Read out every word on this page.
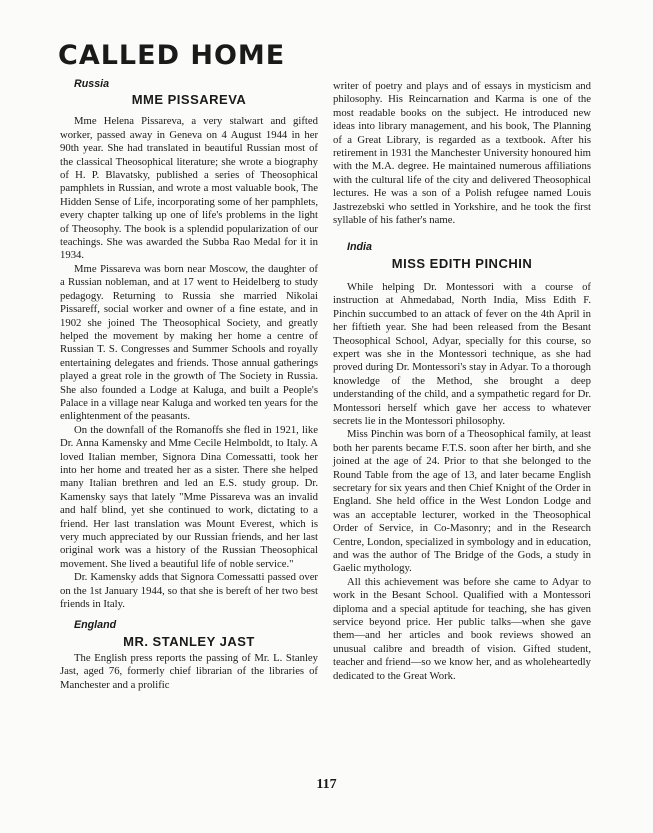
CALLED HOME

Russia

MME PISSAREVA

Mme Helena Pissareva, a very stalwart and gifted worker, passed away in Geneva on 4 August 1944 in her 90th year. She had translated in beautiful Russian most of the classical Theosophical literature; she wrote a biography of H. P. Blavatsky, published a series of Theosophical pamphlets in Russian, and wrote a most valuable book, The Hidden Sense of Life, incorporating some of her pamphlets, every chapter talking up one of life's problems in the light of Theosophy. The book is a splendid popularization of our teachings. She was awarded the Subba Rao Medal for it in 1934.

Mme Pissareva was born near Moscow, the daughter of a Russian nobleman, and at 17 went to Heidelberg to study pedagogy. Returning to Russia she married Nikolai Pissareff, social worker and owner of a fine estate, and in 1902 she joined The Theosophical Society, and greatly helped the movement by making her home a centre of Russian T. S. Congresses and Summer Schools and royally entertaining delegates and friends. Those annual gatherings played a great role in the growth of The Society in Russia. She also founded a Lodge at Kaluga, and built a People's Palace in a village near Kaluga and worked ten years for the enlightenment of the peasants.

On the downfall of the Romanoffs she fled in 1921, like Dr. Anna Kamensky and Mme Cecile Helmboldt, to Italy. A loved Italian member, Signora Dina Comessatti, took her into her home and treated her as a sister. There she helped many Italian brethren and led an E.S. study group. Dr. Kamensky says that lately "Mme Pissareva was an invalid and half blind, yet she continued to work, dictating to a friend. Her last translation was Mount Everest, which is very much appreciated by our Russian friends, and her last original work was a history of the Russian Theosophical movement. She lived a beautiful life of noble service."

Dr. Kamensky adds that Signora Comessatti passed over on the 1st January 1944, so that she is bereft of her two best friends in Italy.

England

MR. STANLEY JAST

The English press reports the passing of Mr. L. Stanley Jast, aged 76, formerly chief librarian of the libraries of Manchester and a prolific

writer of poetry and plays and of essays in mysticism and philosophy. His Reincarnation and Karma is one of the most readable books on the subject. He introduced new ideas into library management, and his book, The Planning of a Great Library, is regarded as a textbook. After his retirement in 1931 the Manchester University honoured him with the M.A. degree. He maintained numerous affiliations with the cultural life of the city and delivered Theosophical lectures. He was a son of a Polish refugee named Louis Jastrezebski who settled in Yorkshire, and he took the first syllable of his father's name.

India

MISS EDITH PINCHIN

While helping Dr. Montessori with a course of instruction at Ahmedabad, North India, Miss Edith F. Pinchin succumbed to an attack of fever on the 4th April in her fiftieth year. She had been released from the Besant Theosophical School, Adyar, specially for this course, so expert was she in the Montessori technique, as she had proved during Dr. Montessori's stay in Adyar. To a thorough knowledge of the Method, she brought a deep understanding of the child, and a sympathetic regard for Dr. Montessori herself which gave her access to whatever secrets lie in the Montessori philosophy.

Miss Pinchin was born of a Theosophical family, at least both her parents became F.T.S. soon after her birth, and she joined at the age of 24. Prior to that she belonged to the Round Table from the age of 13, and later became English secretary for six years and then Chief Knight of the Order in England. She held office in the West London Lodge and was an acceptable lecturer, worked in the Theosophical Order of Service, in Co-Masonry; and in the Research Centre, London, specialized in symbology and in education, and was the author of The Bridge of the Gods, a study in Gaelic mythology.

All this achievement was before she came to Adyar to work in the Besant School. Qualified with a Montessori diploma and a special aptitude for teaching, she has given service beyond price. Her public talks—when she gave them—and her articles and book reviews showed an unusual calibre and breadth of vision. Gifted student, teacher and friend—so we know her, and as wholeheartedly dedicated to the Great Work.

117
